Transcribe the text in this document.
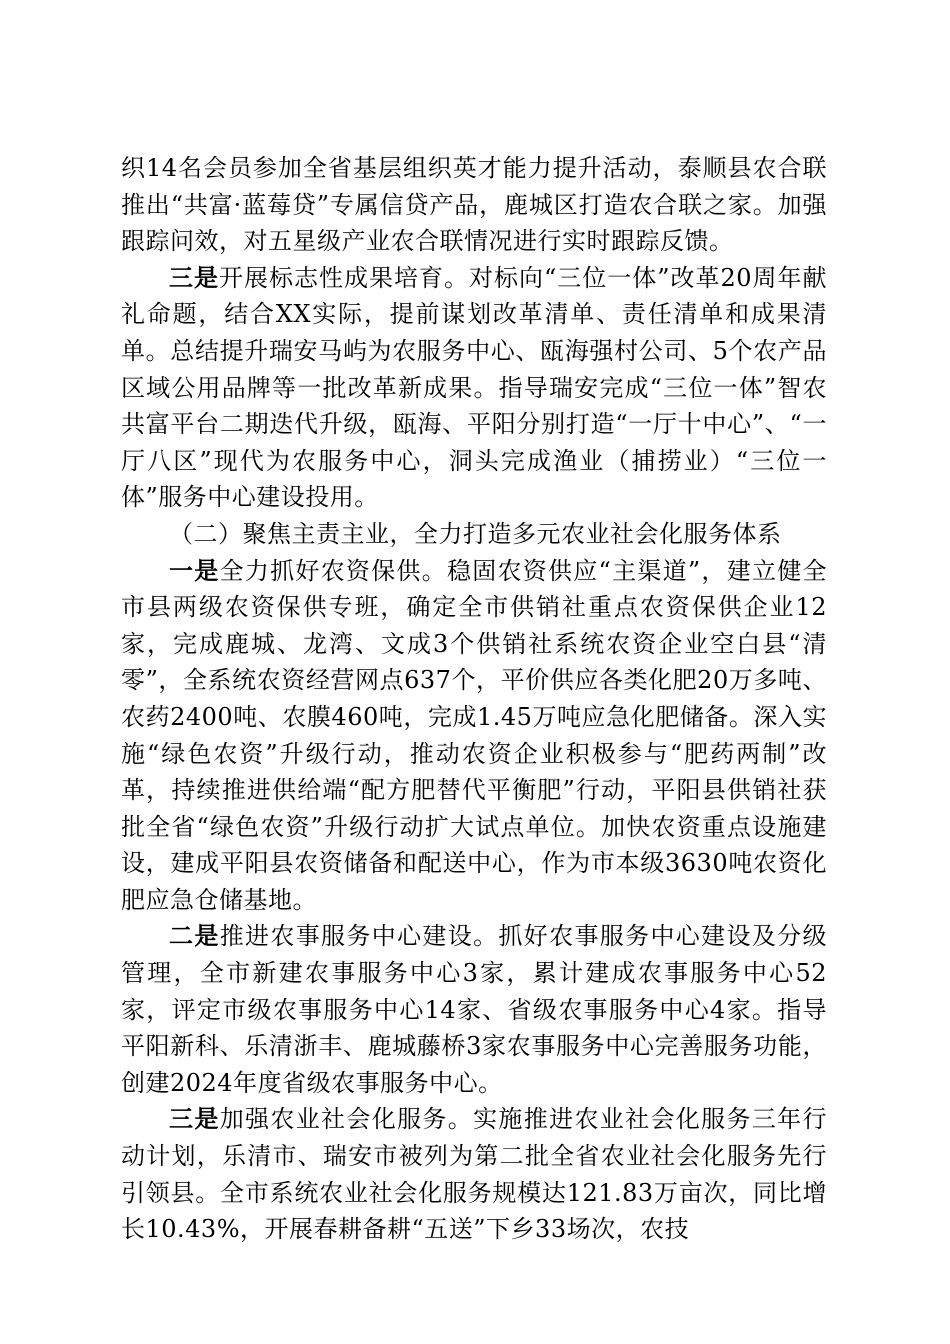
织14名会员参加全省基层组织英才能力提升活动，泰顺县农合联推出“共富·蓝莓贷”专属信贷产品，鹿城区打造农合联之家。加强跟踪问效，对五星级产业农合联情况进行实时跟踪反馈。

三是开展标志性成果培育。对标向“三位一体”改革20周年献礼命题，结合XX实际，提前谋划改革清单、责任清单和成果清单。总结提升瑞安马屿为农服务中心、瓯海强村公司、5个农产品区域公用品牌等一批改革新成果。指导瑞安完成“三位一体”智农共富平台二期迭代升级，瓯海、平阳分别打造“一厅十中心”、“一厅八区”现代为农服务中心，洞头完成渔业（捕捞业）“三位一体”服务中心建设投用。

（二）聚焦主责主业，全力打造多元农业社会化服务体系

一是全力抓好农资保供。稳固农资供应“主渠道”，建立健全市县两级农资保供专班，确定全市供销社重点农资保供企业12家，完成鹿城、龙湾、文成3个供销社系统农资企业空白县“清零”，全系统农资经营网点637个，平价供应各类化肥20万多吨、农药2400吨、农膜460吨，完成1.45万吨应急化肥储备。深入实施“绿色农资”升级行动，推动农资企业积极参与“肥药两制”改革，持续推进供给端“配方肥替代平衡肥”行动，平阳县供销社获批全省“绿色农资”升级行动扩大试点单位。加快农资重点设施建设，建成平阳县农资储备和配送中心，作为市本级3630吨农资化肥应急仓储基地。

二是推进农事服务中心建设。抓好农事服务中心建设及分级管理，全市新建农事服务中心3家，累计建成农事服务中心52家，评定市级农事服务中心14家、省级农事服务中心4家。指导平阳新科、乐清浙丰、鹿城藤桥3家农事服务中心完善服务功能，创建2024年度省级农事服务中心。

三是加强农业社会化服务。实施推进农业社会化服务三年行动计划，乐清市、瑞安市被列为第二批全省农业社会化服务先行引领县。全市系统农业社会化服务规模达121.83万亩次，同比增长10.43%，开展春耕备耕“五送”下乡33场次，农技
